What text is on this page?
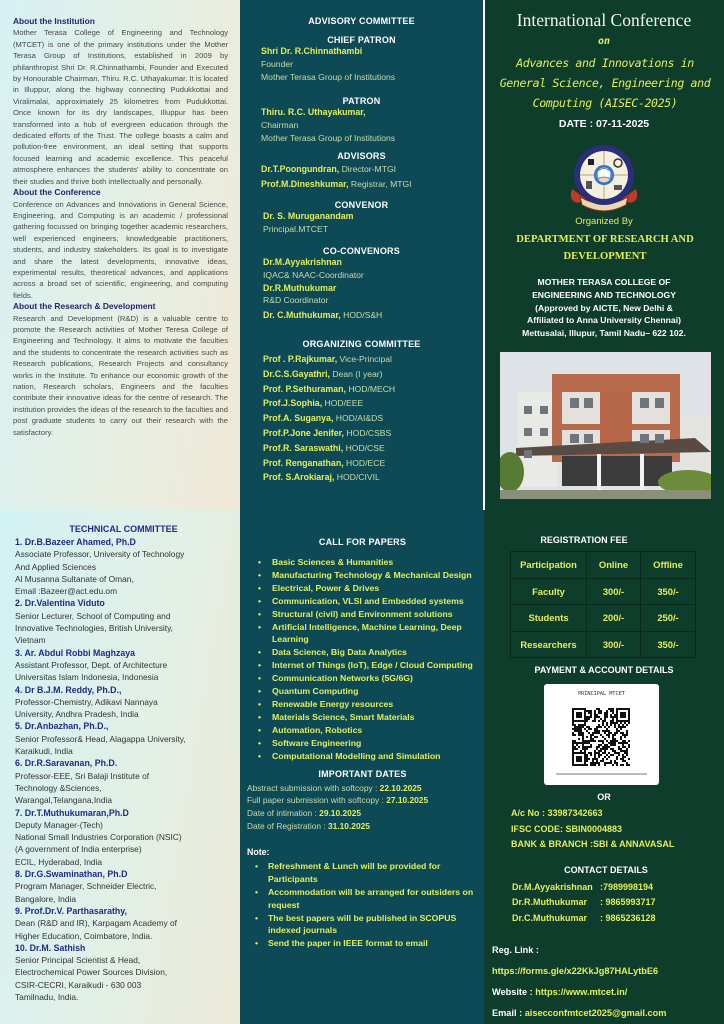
About the Institution
Mother Terasa College of Engineering and Technology (MTCET) is one of the primary institutions under the Mother Terasa Group of Institutions, established in 2009 by philanthropist Shri Dr. R.Chinnathambi, Founder and Executed by Honourable Chairman, Thiru. R.C. Uthayakumar. It is located in Illuppur, along the highway connecting Pudukkottai and Viralimalai, approximately 25 kilometres from Pudukkottai. Once known for its dry landscapes, Illuppur has been transformed into a hub of evergreen education through the dedicated efforts of the Trust. The college boasts a calm and pollution-free environment, an ideal setting that supports focused learning and academic excellence. This peaceful atmosphere enhances the students' ability to concentrate on their studies and thrive both intellectually and personally.
About the Conference
Conference on Advances and Innovations in General Science, Engineering, and Computing is an academic / professional gathering focussed on bringing together academic researchers, well experienced engineers, knowledgeable practitioners, students, and industry stakeholders. Its goal is to investigate and share the latest developments, innovative ideas, experimental results, theoretical advances, and applications across a broad set of scientific, engineering, and computing fields.
About the Research & Development
Research and Development (R&D) is a valuable centre to promote the Research activities of Mother Teresa College of Engineering and Technology. It aims to motivate the faculties and the students to concentrate the research activities such as Research publications, Research Projects and consultancy works in the Institute. To enhance our economic growth of the nation, Research scholars, Engineers and the faculties contribute their innovative ideas for the centre of research. The institution provides the ideas of the research to the faculties and post graduate students to carry out their research with the satisfactory.
TECHNICAL COMMITTEE
1. Dr.B.Bazeer Ahamed, Ph.D
Associate Professor, University of Technology
And Applied Sciences
Al Musanna Sultanate of Oman,
Email :Bazeer@act.edu.om
2. Dr.Valentina Viduto
Senior Lecturer, School of Computing and
Innovative Technologies, British University,
Vietnam
3. Ar. Abdul Robbi Maghzaya
Assistant Professor, Dept. of Architecture
Universitas Islam Indonesia, Indonesia
4. Dr B.J.M. Reddy, Ph.D.,
Professor-Chemistry, Adikavi Nannaya
University, Andhra Pradesh, India
5. Dr.Anbazhan, Ph.D.,
Senior Professor& Head, Alagappa University,
Karaikudi, India
6. Dr.R.Saravanan, Ph.D.
Professor-EEE, Sri Balaji Institute of
Technology &Sciences,
Warangal,Telangana,India
7. Dr.T.Muthukumaran,Ph.D
Deputy Manager-(Tech)
National Small Industries Corporation (NSIC)
(A government of India enterprise)
ECIL, Hyderabad, India
8. Dr.G.Swaminathan, Ph.D
Program Manager, Schneider Electric,
Bangalore, India
9. Prof.Dr.V. Parthasarathy,
Dean (R&D and IR), Karpagam Academy of
Higher Education, Coimbatore, India.
10. Dr.M. Sathish
Senior Principal Scientist & Head,
Electrochemical Power Sources Division,
CSIR-CECRI, Karaikudi - 630 003
Tamilnadu, India.
ADVISORY COMMITTEE
CHIEF PATRON
Shri Dr. R.Chinnathambi
Founder
Mother Terasa Group of Institutions
PATRON
Thiru. R.C. Uthayakumar,
Chairman
Mother Terasa Group of Institutions
ADVISORS
Dr.T.Poongundran, Director-MTGI
Prof.M.Dineshkumar, Registrar, MTGI
CONVENOR
Dr. S. Muruganandam
Principal.MTCET
CO-CONVENORS
Dr.M.Ayyakrishnan
IQAC& NAAC-Coordinator
Dr.R.Muthukumar
R&D Coordinator
Dr. C.Muthukumar, HOD/S&H
ORGANIZING COMMITTEE
Prof . P.Rajkumar, Vice-Principal
Dr.C.S.Gayathri, Dean (I year)
Prof. P.Sethuraman, HOD/MECH
Prof.J.Sophia, HOD/EEE
Prof.A. Suganya, HOD/AI&DS
Prof.P.Jone Jenifer, HOD/CSBS
Prof.R. Saraswathi, HOD/CSE
Prof. Renganathan, HOD/ECE
Prof. S.Arokiaraj, HOD/CIVIL
CALL FOR PAPERS
• Basic Sciences & Humanities
• Manufacturing Technology & Mechanical Design
• Electrical, Power & Drives
• Communication, VLSI and Embedded systems
• Structural (civil) and Environment solutions
• Artificial Intelligence, Machine Learning, Deep Learning
• Data Science, Big Data Analytics
• Internet of Things (IoT), Edge / Cloud Computing
• Communication Networks (5G/6G)
• Quantum Computing
• Renewable Energy resources
• Materials Science, Smart Materials
• Automation, Robotics
• Software Engineering
• Computational Modelling and Simulation
IMPORTANT DATES
Abstract submission with softcopy : 22.10.2025
Full paper submission with softcopy : 27.10.2025
Date of intimation : 29.10.2025
Date of Registration : 31.10.2025
Note:
• Refreshment & Lunch will be provided for Participants
• Accommodation will be arranged for outsiders on request
• The best papers will be published in SCOPUS indexed journals
• Send the paper in IEEE format to email
International Conference
on
Advances and Innovations in General Science, Engineering and Computing (AISEC-2025)
DATE : 07-11-2025
Organized By
DEPARTMENT OF RESEARCH AND DEVELOPMENT
MOTHER TERASA COLLEGE OF
ENGINEERING AND TECHNOLOGY
(Approved by AICTE, New Delhi &
Affiliated to Anna University Chennai)
Mettusalai, Illupur, Tamil Nadu– 622 102.
REGISTRATION FEE
Participation	Online	Offline
Faculty	300/-	350/-
Students	200/-	250/-
Researchers	300/-	350/-
PAYMENT & ACCOUNT DETAILS
PRINCIPAL MTCET
OR
A/c No : 33987342663
IFSC CODE: SBIN0004883
BANK & BRANCH :SBI & ANNAVASAL
CONTACT DETAILS
Dr.M.Ayyakrishnan :7989998194
Dr.R.Muthukumar : 9865993717
Dr.C.Muthukumar : 9865236128
Reg. Link :
https://forms.gle/x22KkJg87HALytbE6
Website : https://www.mtcet.in/
Email : aisecconfmtcet2025@gmail.com
